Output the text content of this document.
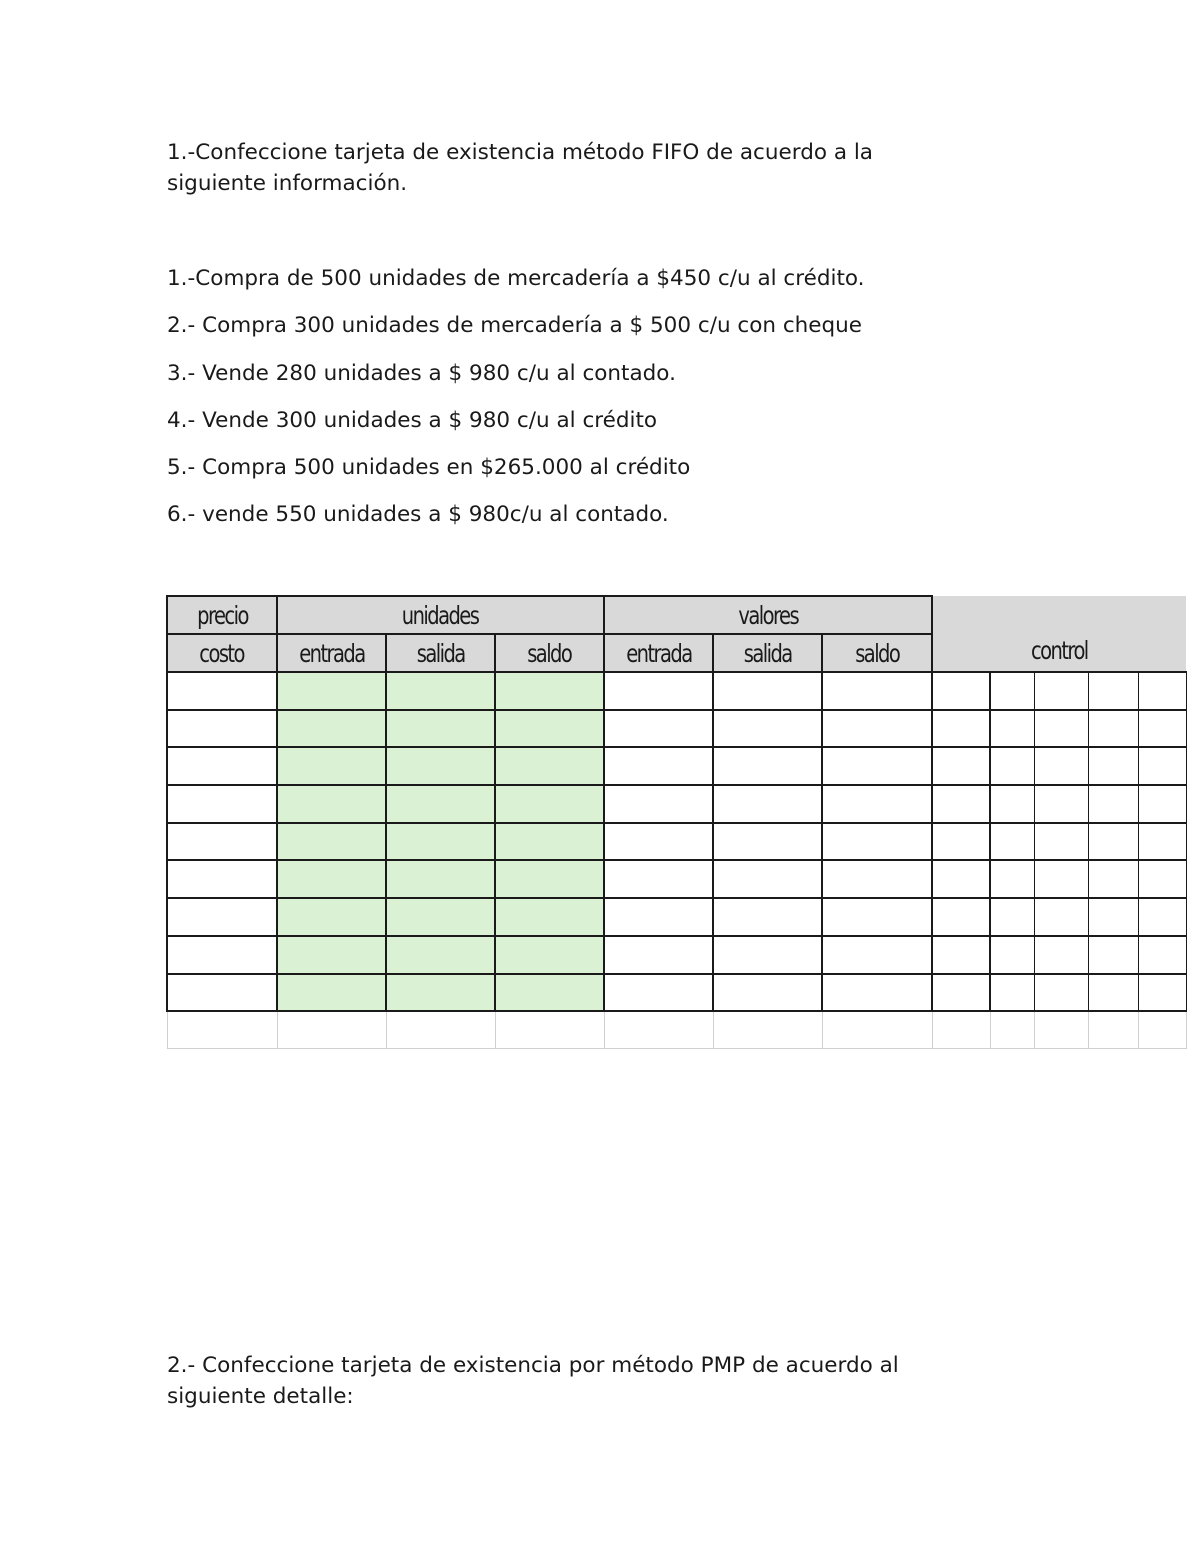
1.-Confeccione tarjeta de existencia método FIFO de acuerdo a la
siguiente información.
1.-Compra de 500 unidades de mercadería a $450 c/u al crédito.
2.- Compra 300 unidades de mercadería a $ 500 c/u con cheque
3.- Vende 280 unidades a $ 980 c/u al contado.
4.- Vende 300 unidades a $ 980 c/u al crédito
5.- Compra 500 unidades en $265.000 al crédito
6.- vende 550 unidades a $ 980c/u al contado.
precio	unidades			valores			control				
costo	entrada	salida	saldo	entrada	salida	saldo					

2.- Confeccione tarjeta de existencia por método PMP de acuerdo al
siguiente detalle:
